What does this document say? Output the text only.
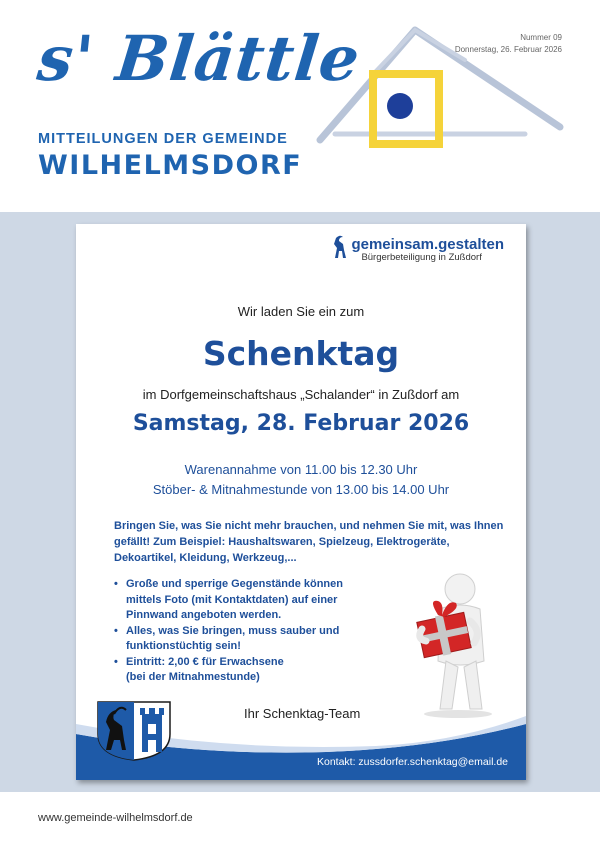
s' Blättle
MITTEILUNGEN DER GEMEINDE
WILHELMSDORF
Nummer 09
Donnerstag, 26. Februar 2026
gemeinsam.gestalten
Bürgerbeteiligung in Zußdorf
Wir laden Sie ein zum
Schenktag
im Dorfgemeinschaftshaus „Schalander“ in Zußdorf am
Samstag, 28. Februar 2026
Warenannahme von 11.00 bis 12.30 Uhr
Stöber- & Mitnahmestunde von 13.00 bis 14.00 Uhr
Bringen Sie, was Sie nicht mehr brauchen, und nehmen Sie mit, was Ihnen gefällt! Zum Beispiel: Haushaltswaren, Spielzeug, Elektrogeräte, Dekoartikel, Kleidung, Werkzeug,...
• Große und sperrige Gegenstände können mittels Foto (mit Kontaktdaten) auf einer Pinnwand angeboten werden.
• Alles, was Sie bringen, muss sauber und funktionstüchtig sein!
• Eintritt: 2,00 € für Erwachsene
(bei der Mitnahmestunde)
Ihr Schenktag-Team
Kontakt: zussdorfer.schenktag@email.de
www.gemeinde-wilhelmsdorf.de
